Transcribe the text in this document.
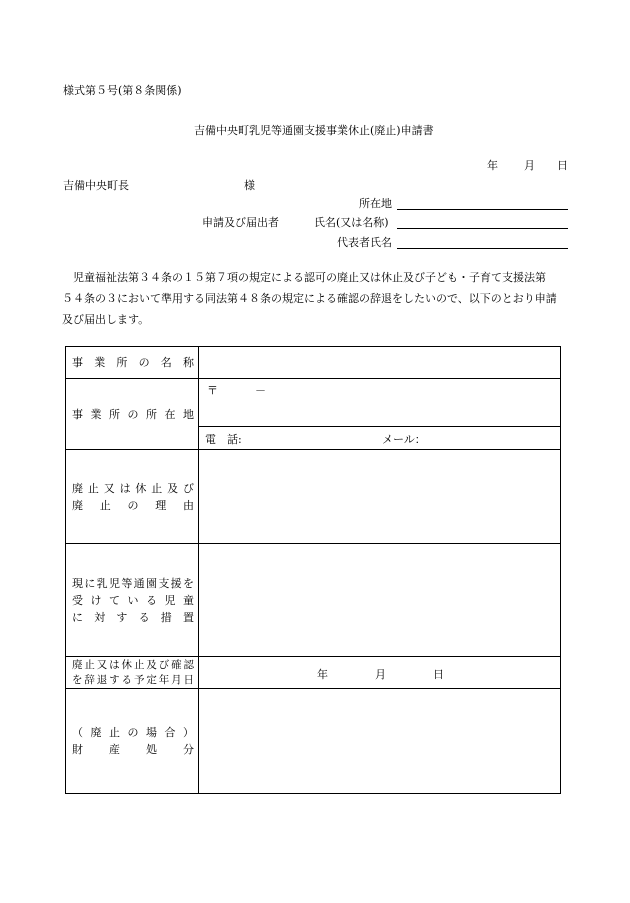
様式第５号(第８条関係)
吉備中央町乳児等通園支援事業休止(廃止)申請書
年 月 日
吉備中央町長	様
所在地
申請及び届出者	氏名(又は名称)
代表者氏名
児童福祉法第３４条の１５第７項の規定による認可の廃止又は休止及び子ども・子育て支援法第
５４条の３において準用する同法第４８条の規定による確認の辞退をしたいので、以下のとおり申請
及び届出します。
事業所の名称	

事業所の所在地	〒 －

	電　話: メール：

廃止又は休止及び
廃止の理由	

現に乳児等通園支援を
受けている児童
に対する措置	

廃止又は休止及び確認
を辞退する予定年月日	年 月 日

（廃止の場合）
財産処分	
